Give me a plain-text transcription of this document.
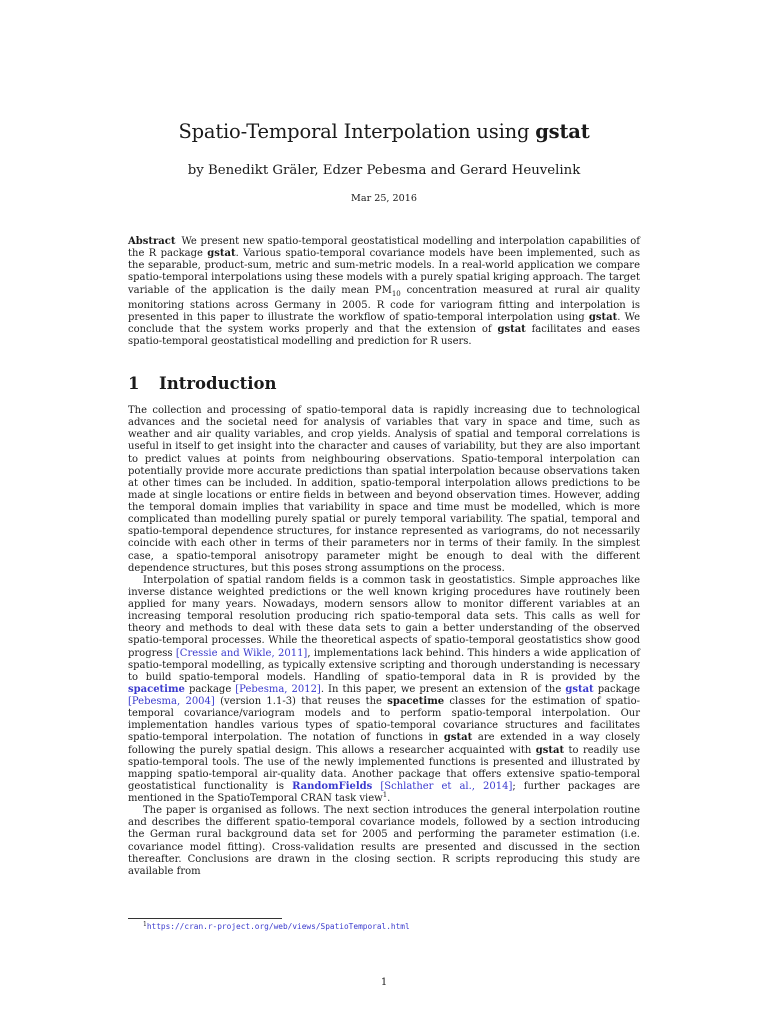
Spatio-Temporal Interpolation using gstat
by Benedikt Gräler, Edzer Pebesma and Gerard Heuvelink
Mar 25, 2016

Abstract We present new spatio-temporal geostatistical modelling and interpolation capabilities of the R package gstat. Various spatio-temporal covariance models have been implemented, such as the separable, product-sum, metric and sum-metric models. In a real-world application we compare spatio-temporal interpolations using these models with a purely spatial kriging approach. The target variable of the application is the daily mean $PM_{10}$ concentration measured at rural air quality monitoring stations across Germany in 2005. R code for variogram fitting and interpolation is presented in this paper to illustrate the workflow of spatio-temporal interpolation using gstat. We conclude that the system works properly and that the extension of gstat facilitates and eases spatio-temporal geostatistical modelling and prediction for R users.

1 Introduction

The collection and processing of spatio-temporal data is rapidly increasing due to technological advances and the societal need for analysis of variables that vary in space and time, such as weather and air quality variables, and crop yields. Analysis of spatial and temporal correlations is useful in itself to get insight into the character and causes of variability, but they are also important to predict values at points from neighbouring observations. Spatio-temporal interpolation can potentially provide more accurate predictions than spatial interpolation because observations taken at other times can be included. In addition, spatio-temporal interpolation allows predictions to be made at single locations or entire fields in between and beyond observation times. However, adding the temporal domain implies that variability in space and time must be modelled, which is more complicated than modelling purely spatial or purely temporal variability. The spatial, temporal and spatio-temporal dependence structures, for instance represented as variograms, do not necessarily coincide with each other in terms of their parameters nor in terms of their family. In the simplest case, a spatio-temporal anisotropy parameter might be enough to deal with the different dependence structures, but this poses strong assumptions on the process.

Interpolation of spatial random fields is a common task in geostatistics. Simple approaches like inverse distance weighted predictions or the well known kriging procedures have routinely been applied for many years. Nowadays, modern sensors allow to monitor different variables at an increasing temporal resolution producing rich spatio-temporal data sets. This calls as well for theory and methods to deal with these data sets to gain a better understanding of the observed spatio-temporal processes. While the theoretical aspects of spatio-temporal geostatistics show good progress [Cressie and Wikle, 2011], implementations lack behind. This hinders a wide application of spatio-temporal modelling, as typically extensive scripting and thorough understanding is necessary to build spatio-temporal models. Handling of spatio-temporal data in R is provided by the spacetime package [Pebesma, 2012]. In this paper, we present an extension of the gstat package [Pebesma, 2004] (version 1.1-3) that reuses the spacetime classes for the estimation of spatio-temporal covariance/variogram models and to perform spatio-temporal interpolation. Our implementation handles various types of spatio-temporal covariance structures and facilitates spatio-temporal interpolation. The notation of functions in gstat are extended in a way closely following the purely spatial design. This allows a researcher acquainted with gstat to readily use spatio-temporal tools. The use of the newly implemented functions is presented and illustrated by mapping spatio-temporal air-quality data. Another package that offers extensive spatio-temporal geostatistical functionality is RandomFields [Schlather et al., 2014]; further packages are mentioned in the SpatioTemporal CRAN task view$^1$.

The paper is organised as follows. The next section introduces the general interpolation routine and describes the different spatio-temporal covariance models, followed by a section introducing the German rural background data set for 2005 and performing the parameter estimation (i.e. covariance model fitting). Cross-validation results are presented and discussed in the section thereafter. Conclusions are drawn in the closing section. R scripts reproducing this study are available from

$^1$https://cran.r-project.org/web/views/SpatioTemporal.html
1
